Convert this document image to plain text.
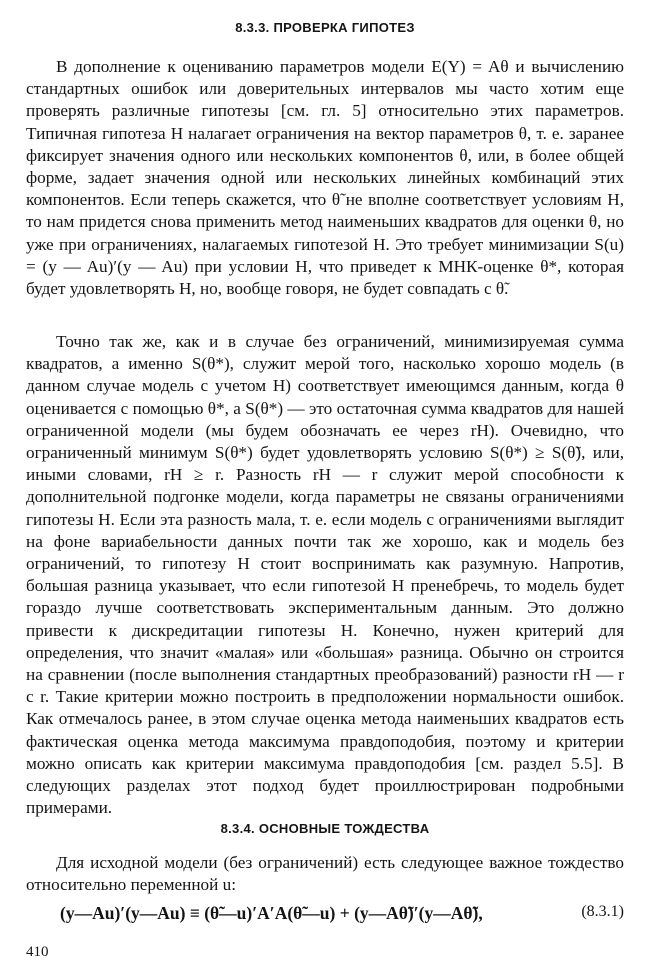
8.3.3. ПРОВЕРКА ГИПОТЕЗ

В дополнение к оцениванию параметров модели E(Y) = Aθ и вычислению стандартных ошибок или доверительных интервалов мы часто хотим еще проверять различные гипотезы [см. гл. 5] относительно этих параметров. Типичная гипотеза H налагает ограничения на вектор параметров θ, т. е. заранее фиксирует значения одного или нескольких компонентов θ, или, в более общей форме, задает значения одной или нескольких линейных комбинаций этих компонентов. Если теперь скажется, что θ̃ не вполне соответствует условиям H, то нам придется снова применить метод наименьших квадратов для оценки θ, но уже при ограничениях, налагаемых гипотезой H. Это требует минимизации S(u) = (y — Au)′(y — Au) при условии H, что приведет к МНК-оценке θ*, которая будет удовлетворять H, но, вообще говоря, не будет совпадать с θ̃.

Точно так же, как и в случае без ограничений, минимизируемая сумма квадратов, а именно S(θ*), служит мерой того, насколько хорошо модель (в данном случае модель с учетом H) соответствует имеющимся данным, когда θ оценивается с помощью θ*, а S(θ*) — это остаточная сумма квадратов для нашей ограниченной модели (мы будем обозначать ее через rH). Очевидно, что ограниченный минимум S(θ*) будет удовлетворять условию S(θ*) ≥ S(θ̃), или, иными словами, rH ≥ r. Разность rH — r служит мерой способности к дополнительной подгонке модели, когда параметры не связаны ограничениями гипотезы H. Если эта разность мала, т. е. если модель с ограничениями выглядит на фоне вариабельности данных почти так же хорошо, как и модель без ограничений, то гипотезу H стоит воспринимать как разумную. Напротив, большая разница указывает, что если гипотезой H пренебречь, то модель будет гораздо лучше соответствовать экспериментальным данным. Это должно привести к дискредитации гипотезы H. Конечно, нужен критерий для определения, что значит «малая» или «большая» разница. Обычно он строится на сравнении (после выполнения стандартных преобразований) разности rH — r с r. Такие критерии можно построить в предположении нормальности ошибок. Как отмечалось ранее, в этом случае оценка метода наименьших квадратов есть фактическая оценка метода максимума правдоподобия, поэтому и критерии можно описать как критерии максимума правдоподобия [см. раздел 5.5]. В следующих разделах этот подход будет проиллюстрирован подробными примерами.

8.3.4. ОСНОВНЫЕ ТОЖДЕСТВА

Для исходной модели (без ограничений) есть следующее важное тождество относительно переменной u:

(y—Au)′(y—Au) ≡ (θ̃—u)′A′A(θ̃—u) + (y—Aθ̃)′(y—Aθ̃),	(8.3.1)
410
